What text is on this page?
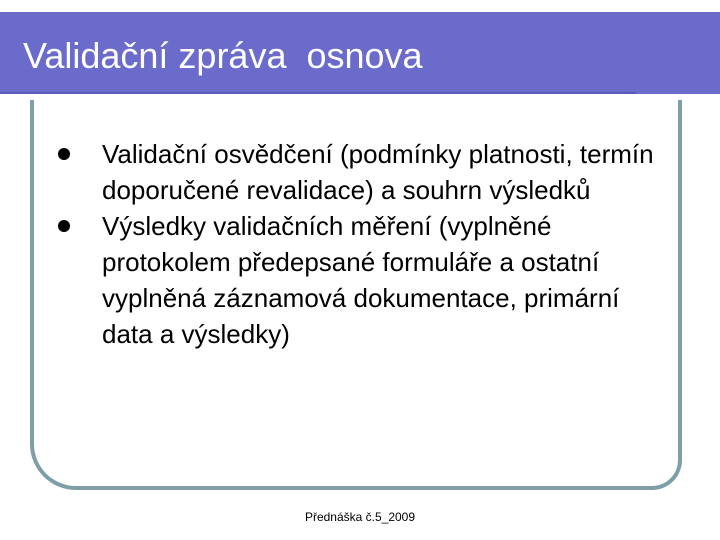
Validační zpráva  osnova
Validační osvědčení (podmínky platnosti, termín doporučené revalidace) a souhrn výsledků
Výsledky validačních měření (vyplněné protokolem předepsané formuláře a ostatní vyplněná záznamová dokumentace, primární data a výsledky)
Přednáška č.5_2009
